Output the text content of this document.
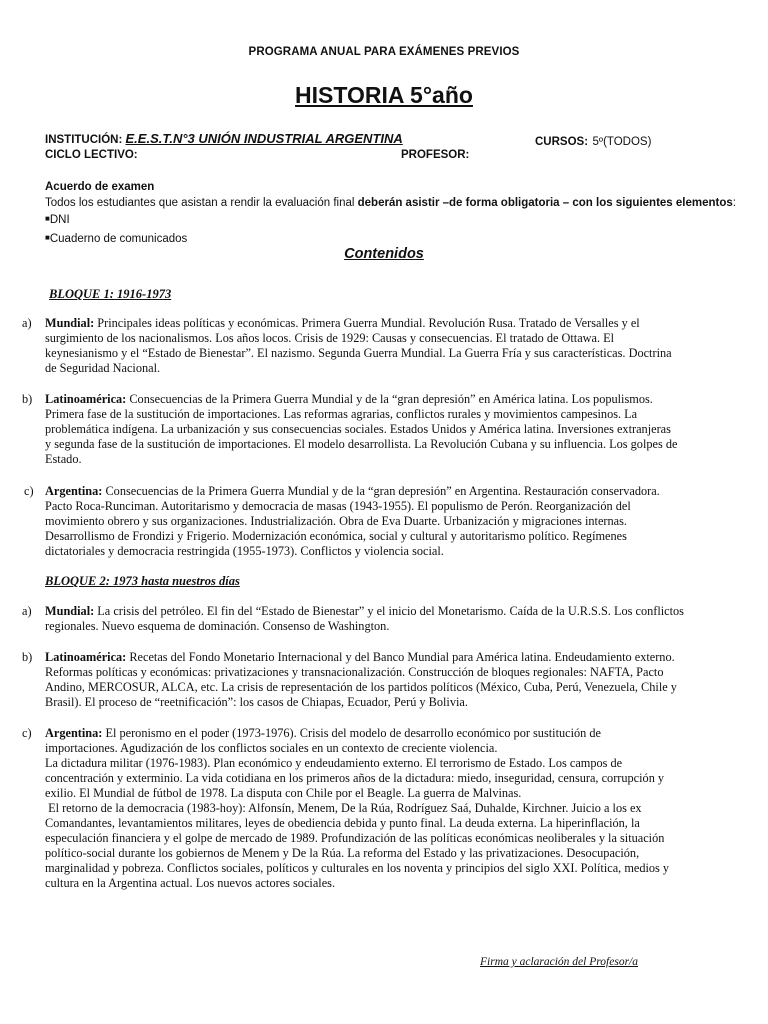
PROGRAMA ANUAL PARA EXÁMENES PREVIOS
HISTORIA 5°año
INSTITUCIÓN: E.E.S.T.N°3 UNIÓN INDUSTRIAL ARGENTINA	CURSOS: 5º(TODOS)
CICLO LECTIVO:	PROFESOR:
Acuerdo de examen
Todos los estudiantes que asistan a rendir la evaluación final deberán asistir –de forma obligatoria – con los siguientes elementos:
■DNI
■Cuaderno de comunicados
Contenidos
BLOQUE 1: 1916-1973
a)	Mundial: Principales ideas políticas y económicas. Primera Guerra Mundial. Revolución Rusa. Tratado de Versalles y el
surgimiento de los nacionalismos. Los años locos. Crisis de 1929: Causas y consecuencias. El tratado de Ottawa. El
keynesianismo y el “Estado de Bienestar”. El nazismo. Segunda Guerra Mundial. La Guerra Fría y sus características. Doctrina
de Seguridad Nacional.
b)	Latinoamérica: Consecuencias de la Primera Guerra Mundial y de la “gran depresión” en América latina. Los populismos.
Primera fase de la sustitución de importaciones. Las reformas agrarias, conflictos rurales y movimientos campesinos. La
problemática indígena. La urbanización y sus consecuencias sociales. Estados Unidos y América latina. Inversiones extranjeras
y segunda fase de la sustitución de importaciones. El modelo desarrollista. La Revolución Cubana y su influencia. Los golpes de
Estado.
c) Argentina: Consecuencias de la Primera Guerra Mundial y de la “gran depresión” en Argentina. Restauración conservadora.
Pacto Roca-Runciman. Autoritarismo y democracia de masas (1943-1955). El populismo de Perón. Reorganización del
movimiento obrero y sus organizaciones. Industrialización. Obra de Eva Duarte. Urbanización y migraciones internas.
Desarrollismo de Frondizi y Frigerio. Modernización económica, social y cultural y autoritarismo político. Regímenes
dictatoriales y democracia restringida (1955-1973). Conflictos y violencia social.
BLOQUE 2: 1973 hasta nuestros días
a)	Mundial: La crisis del petróleo. El fin del “Estado de Bienestar” y el inicio del Monetarismo. Caída de la U.R.S.S. Los conflictos
regionales. Nuevo esquema de dominación. Consenso de Washington.
b)	Latinoamérica: Recetas del Fondo Monetario Internacional y del Banco Mundial para América latina. Endeudamiento externo.
Reformas políticas y económicas: privatizaciones y transnacionalización. Construcción de bloques regionales: NAFTA, Pacto
Andino, MERCOSUR, ALCA, etc. La crisis de representación de los partidos políticos (México, Cuba, Perú, Venezuela, Chile y
Brasil). El proceso de “reetnificación”: los casos de Chiapas, Ecuador, Perú y Bolivia.
c)	Argentina: El peronismo en el poder (1973-1976). Crisis del modelo de desarrollo económico por sustitución de
importaciones. Agudización de los conflictos sociales en un contexto de creciente violencia.
La dictadura militar (1976-1983). Plan económico y endeudamiento externo. El terrorismo de Estado. Los campos de
concentración y exterminio. La vida cotidiana en los primeros años de la dictadura: miedo, inseguridad, censura, corrupción y
exilio. El Mundial de fútbol de 1978. La disputa con Chile por el Beagle. La guerra de Malvinas.
El retorno de la democracia (1983-hoy): Alfonsín, Menem, De la Rúa, Rodríguez Saá, Duhalde, Kirchner. Juicio a los ex
Comandantes, levantamientos militares, leyes de obediencia debida y punto final. La deuda externa. La hiperinflación, la
especulación financiera y el golpe de mercado de 1989. Profundización de las políticas económicas neoliberales y la situación
político-social durante los gobiernos de Menem y De la Rúa. La reforma del Estado y las privatizaciones. Desocupación,
marginalidad y pobreza. Conflictos sociales, políticos y culturales en los noventa y principios del siglo XXI. Política, medios y
cultura en la Argentina actual. Los nuevos actores sociales.
Firma y aclaración del Profesor/a
